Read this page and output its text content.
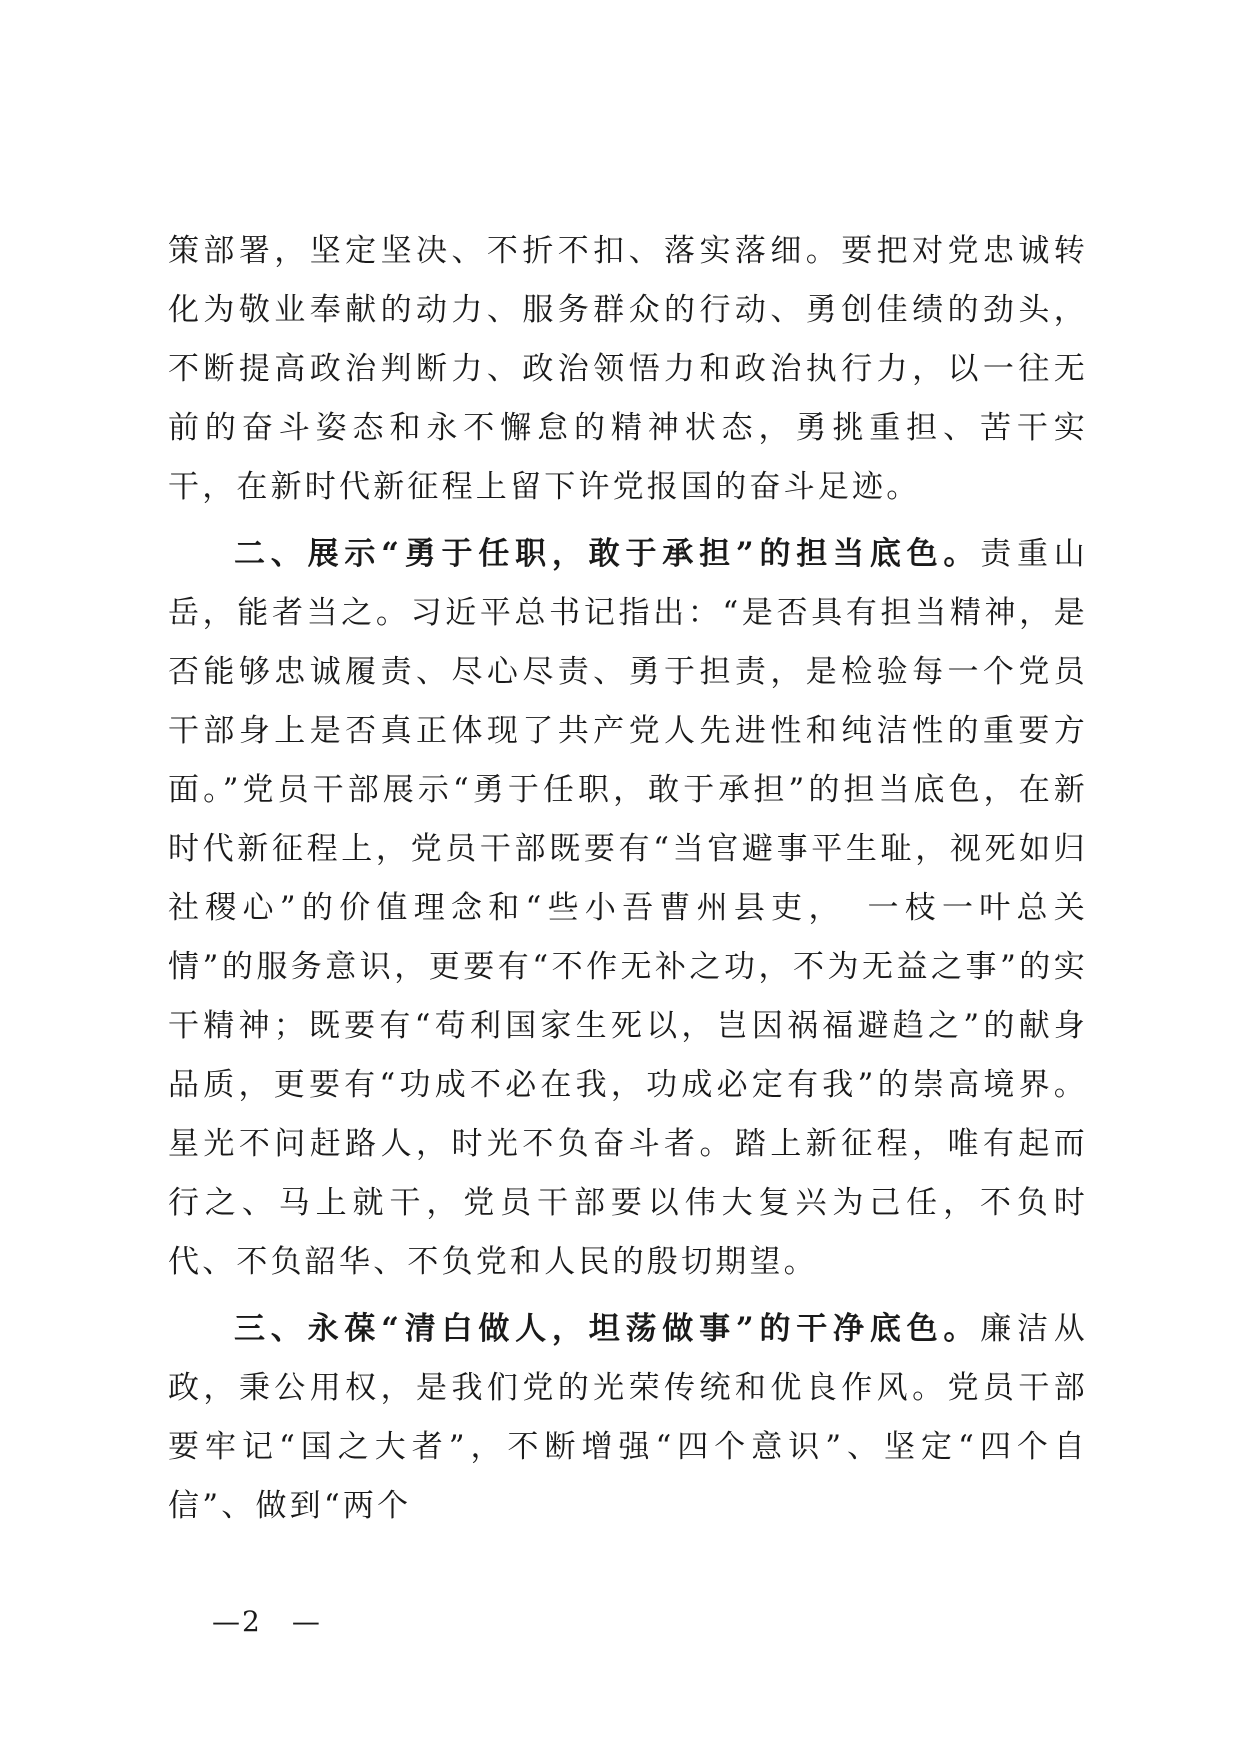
策部署，坚定坚决、不折不扣、落实落细。要把对党忠诚转化为敬业奉献的动力、服务群众的行动、勇创佳绩的劲头，不断提高政治判断力、政治领悟力和政治执行力，以一往无前的奋斗姿态和永不懈怠的精神状态，勇挑重担、苦干实干，在新时代新征程上留下许党报国的奋斗足迹。

二、展示“勇于任职，敢于承担”的担当底色。责重山岳，能者当之。习近平总书记指出：“是否具有担当精神，是否能够忠诚履责、尽心尽责、勇于担责，是检验每一个党员干部身上是否真正体现了共产党人先进性和纯洁性的重要方面。”党员干部展示“勇于任职，敢于承担”的担当底色，在新时代新征程上，党员干部既要有“当官避事平生耻，视死如归社稷心”的价值理念和“些小吾曹州县吏，　一枝一叶总关情”的服务意识，更要有“不作无补之功，不为无益之事”的实干精神；既要有“苟利国家生死以，岂因祸福避趋之”的献身品质，更要有“功成不必在我，功成必定有我”的崇高境界。星光不问赶路人，时光不负奋斗者。踏上新征程，唯有起而行之、马上就干，党员干部要以伟大复兴为己任，不负时代、不负韶华、不负党和人民的殷切期望。

三、永葆“清白做人，坦荡做事”的干净底色。廉洁从政，秉公用权，是我们党的光荣传统和优良作风。党员干部要牢记“国之大者”，不断增强“四个意识”、坚定“四个自信”、做到“两个

—2　—
